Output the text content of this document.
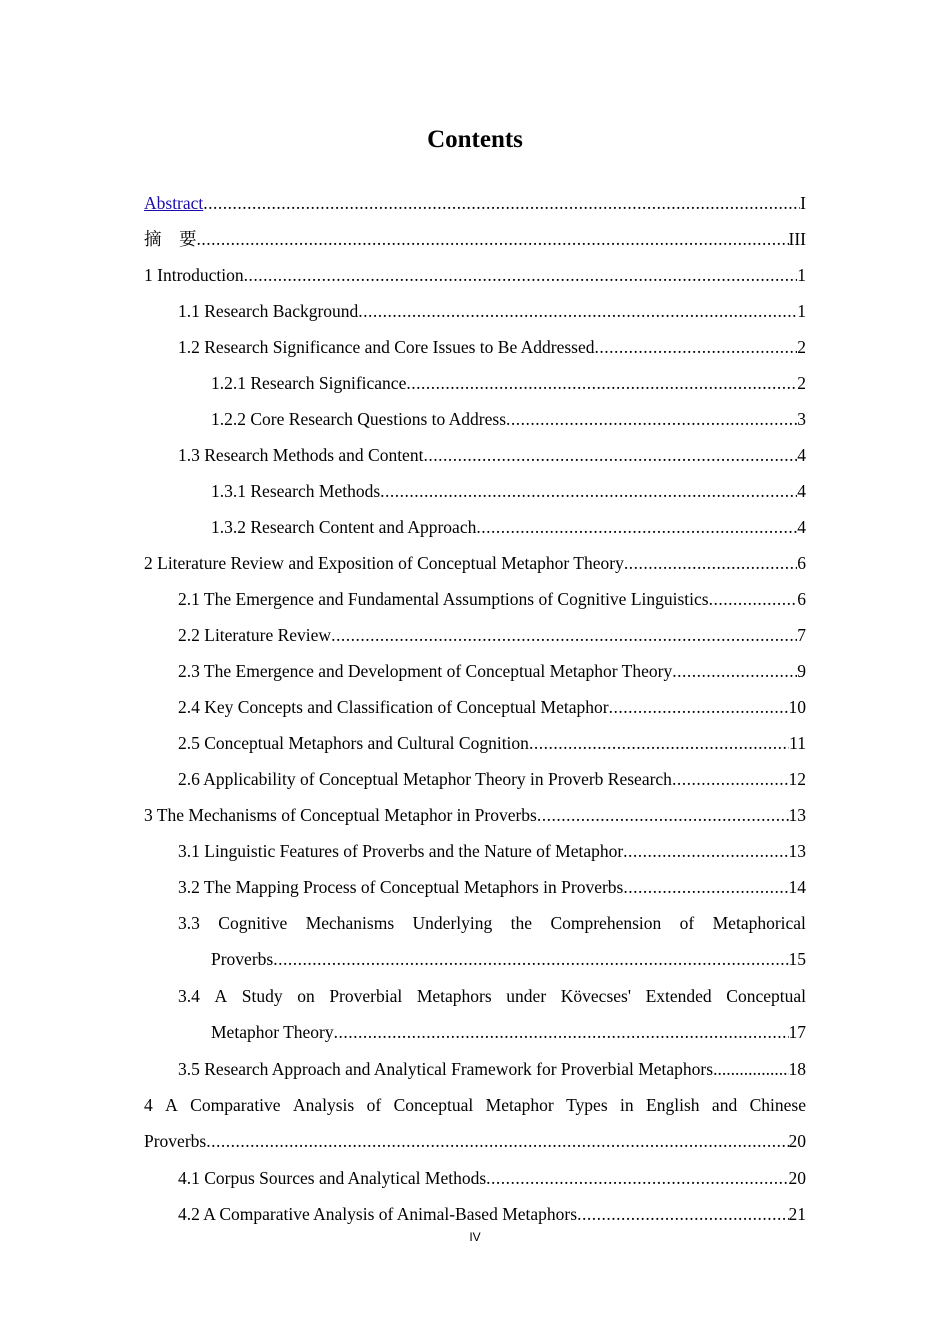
Contents
Abstract .....	I
摘　要 .....	III
1 Introduction .....	1
1.1 Research Background .....	1
1.2 Research Significance and Core Issues to Be Addressed .....	2
1.2.1 Research Significance .....	2
1.2.2 Core Research Questions to Address .....	3
1.3 Research Methods and Content .....	4
1.3.1 Research Methods .....	4
1.3.2 Research Content and Approach .....	4
2 Literature Review and Exposition of Conceptual Metaphor Theory .....	6
2.1 The Emergence and Fundamental Assumptions of Cognitive Linguistics .....	6
2.2 Literature Review .....	7
2.3 The Emergence and Development of Conceptual Metaphor Theory .....	9
2.4 Key Concepts and Classification of Conceptual Metaphor .....	10
2.5 Conceptual Metaphors and Cultural Cognition .....	11
2.6 Applicability of Conceptual Metaphor Theory in Proverb Research .....	12
3 The Mechanisms of Conceptual Metaphor in Proverbs .....	13
3.1 Linguistic Features of Proverbs and the Nature of Metaphor .....	13
3.2 The Mapping Process of Conceptual Metaphors in Proverbs .....	14
3.3 Cognitive Mechanisms Underlying the Comprehension of Metaphorical
Proverbs .....	15
3.4 A Study on Proverbial Metaphors under Kövecses' Extended Conceptual
Metaphor Theory .....	17
3.5 Research Approach and Analytical Framework for Proverbial Metaphors .....	18
4 A Comparative Analysis of Conceptual Metaphor Types in English and Chinese
Proverbs .....	20
4.1 Corpus Sources and Analytical Methods .....	20
4.2 A Comparative Analysis of Animal-Based Metaphors .....	21
IV
